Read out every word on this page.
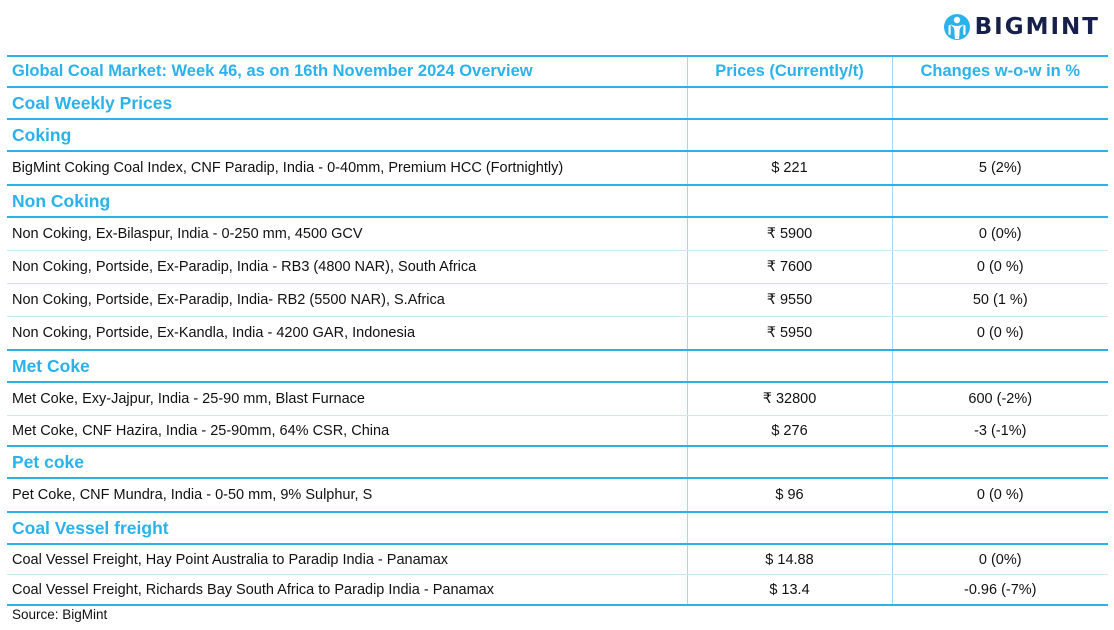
BIGMINT
Global Coal Market: Week 46, as on 16th November 2024 Overview	Prices (Currently/t)	Changes w-o-w in %
Coal Weekly Prices		
Coking		
BigMint Coking Coal Index, CNF Paradip, India - 0-40mm, Premium HCC (Fortnightly)	$ 221	5 (2%)
Non Coking		
Non Coking, Ex-Bilaspur, India - 0-250 mm, 4500 GCV	₹ 5900	0 (0%)
Non Coking, Portside, Ex-Paradip, India - RB3 (4800 NAR), South Africa	₹ 7600	0 (0 %)
Non Coking, Portside, Ex-Paradip, India- RB2 (5500 NAR), S.Africa	₹ 9550	50 (1 %)
Non Coking, Portside, Ex-Kandla, India - 4200 GAR, Indonesia	₹ 5950	0 (0 %)
Met Coke		
Met Coke, Exy-Jajpur, India - 25-90 mm, Blast Furnace	₹ 32800	600 (-2%)
Met Coke, CNF Hazira, India - 25-90mm, 64% CSR, China	$ 276	-3 (-1%)
Pet coke		
Pet Coke, CNF Mundra, India - 0-50 mm, 9% Sulphur, S	$ 96	0 (0 %)
Coal Vessel freight		
Coal Vessel Freight, Hay Point Australia to Paradip India - Panamax	$ 14.88	0 (0%)
Coal Vessel Freight, Richards Bay South Africa to Paradip India - Panamax	$ 13.4	-0.96 (-7%)
Source: BigMint
